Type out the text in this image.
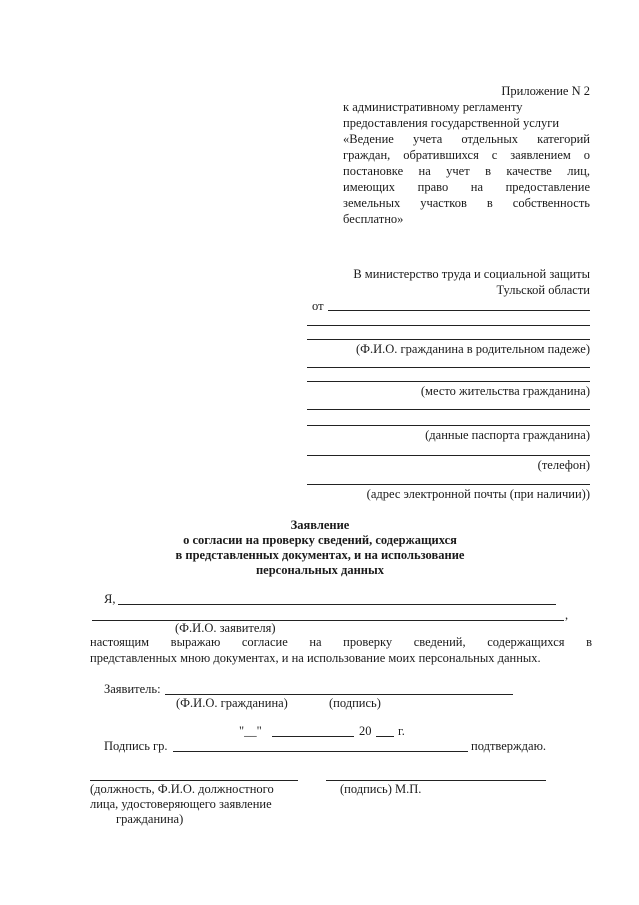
Приложение N 2
к административному регламенту
предоставления государственной услуги
«Ведение учета отдельных категорий
граждан, обратившихся с заявлением о
постановке на учет в качестве лиц,
имеющих право на предоставление
земельных участков в собственность
бесплатно»
В министерство труда и социальной защиты
Тульской области
от
(Ф.И.О. гражданина в родительном падеже)
(место жительства гражданина)
(данные паспорта гражданина)
(телефон)
(адрес электронной почты (при наличии))
Заявление
о согласии на проверку сведений, содержащихся
в представленных документах, и на использование
персональных данных
Я,
,
(Ф.И.О. заявителя)
настоящим выражаю согласие на проверку сведений, содержащихся в
представленных мною документах, и на использование моих персональных данных.
Заявитель:
(Ф.И.О. гражданина)	(подпись)
"__"	20 г.
Подпись гр.	подтверждаю.
(должность, Ф.И.О. должностного
лица, удостоверяющего заявление
гражданина)
(подпись) М.П.
